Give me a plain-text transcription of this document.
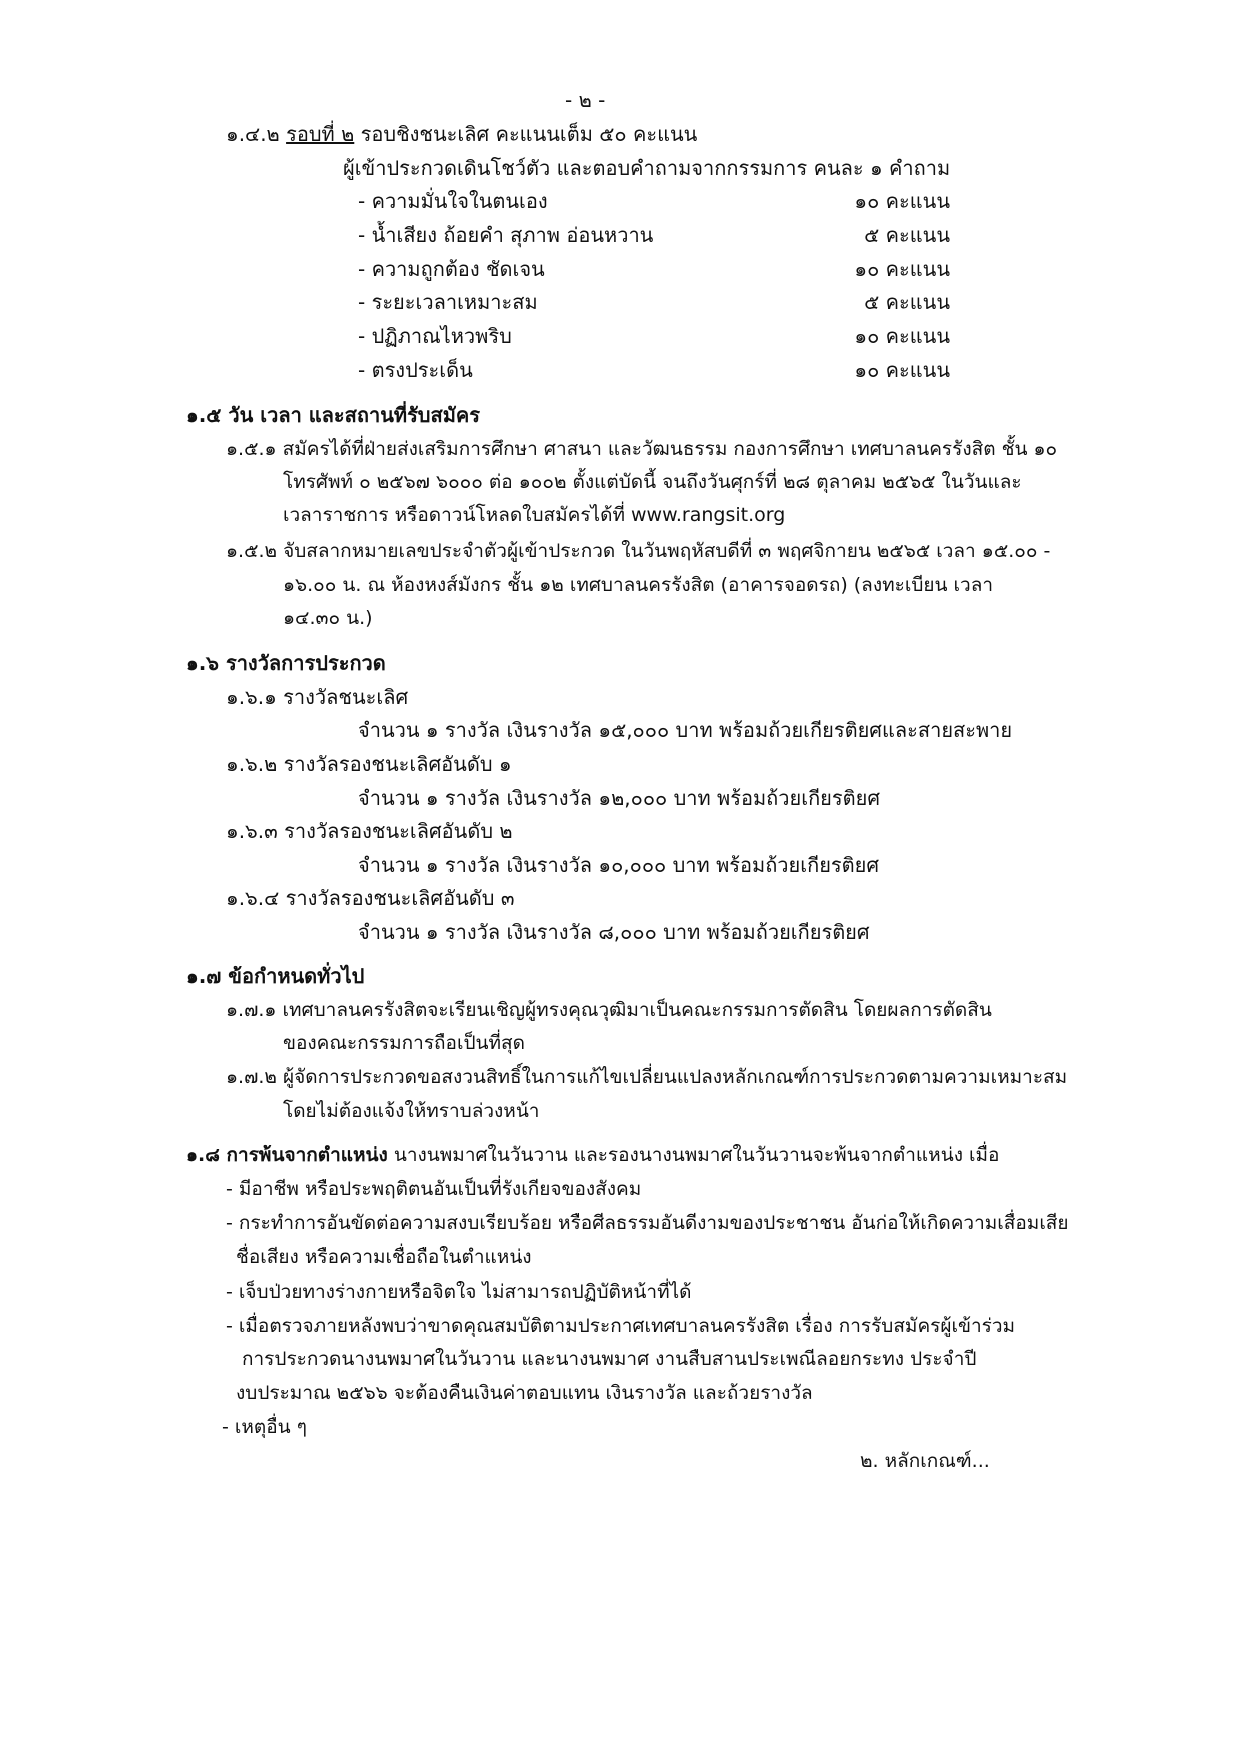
- ๒ -
๑.๔.๒ รอบที่ ๒ รอบชิงชนะเลิศ คะแนนเต็ม ๕๐ คะแนน
ผู้เข้าประกวดเดินโชว์ตัว และตอบคำถามจากกรรมการ คนละ ๑ คำถาม
- ความมั่นใจในตนเอง	๑๐ คะแนน
- น้ำเสียง ถ้อยคำ สุภาพ อ่อนหวาน	๕ คะแนน
- ความถูกต้อง ชัดเจน	๑๐ คะแนน
- ระยะเวลาเหมาะสม	๕ คะแนน
- ปฏิภาณไหวพริบ	๑๐ คะแนน
- ตรงประเด็น	๑๐ คะแนน
๑.๕ วัน เวลา และสถานที่รับสมัคร
๑.๕.๑ สมัครได้ที่ฝ่ายส่งเสริมการศึกษา ศาสนา และวัฒนธรรม กองการศึกษา เทศบาลนครรังสิต ชั้น ๑๐
โทรศัพท์ ๐ ๒๕๖๗ ๖๐๐๐ ต่อ ๑๐๐๒ ตั้งแต่บัดนี้ จนถึงวันศุกร์ที่ ๒๘ ตุลาคม ๒๕๖๕ ในวันและ
เวลาราชการ หรือดาวน์โหลดใบสมัครได้ที่ www.rangsit.org
๑.๕.๒ จับสลากหมายเลขประจำตัวผู้เข้าประกวด ในวันพฤหัสบดีที่ ๓ พฤศจิกายน ๒๕๖๕ เวลา ๑๕.๐๐ -
๑๖.๐๐ น. ณ ห้องหงส์มังกร ชั้น ๑๒ เทศบาลนครรังสิต (อาคารจอดรถ) (ลงทะเบียน เวลา
๑๔.๓๐ น.)
๑.๖ รางวัลการประกวด
๑.๖.๑ รางวัลชนะเลิศ
จำนวน ๑ รางวัล เงินรางวัล ๑๕,๐๐๐ บาท พร้อมถ้วยเกียรติยศและสายสะพาย
๑.๖.๒ รางวัลรองชนะเลิศอันดับ ๑
จำนวน ๑ รางวัล เงินรางวัล ๑๒,๐๐๐ บาท พร้อมถ้วยเกียรติยศ
๑.๖.๓ รางวัลรองชนะเลิศอันดับ ๒
จำนวน ๑ รางวัล เงินรางวัล ๑๐,๐๐๐ บาท พร้อมถ้วยเกียรติยศ
๑.๖.๔ รางวัลรองชนะเลิศอันดับ ๓
จำนวน ๑ รางวัล เงินรางวัล ๘,๐๐๐ บาท พร้อมถ้วยเกียรติยศ
๑.๗ ข้อกำหนดทั่วไป
๑.๗.๑ เทศบาลนครรังสิตจะเรียนเชิญผู้ทรงคุณวุฒิมาเป็นคณะกรรมการตัดสิน โดยผลการตัดสิน
ของคณะกรรมการถือเป็นที่สุด
๑.๗.๒ ผู้จัดการประกวดขอสงวนสิทธิ์ในการแก้ไขเปลี่ยนแปลงหลักเกณฑ์การประกวดตามความเหมาะสม
โดยไม่ต้องแจ้งให้ทราบล่วงหน้า
๑.๘ การพ้นจากตำแหน่ง นางนพมาศในวันวาน และรองนางนพมาศในวันวานจะพ้นจากตำแหน่ง เมื่อ
- มีอาชีพ หรือประพฤติตนอันเป็นที่รังเกียจของสังคม
- กระทำการอันขัดต่อความสงบเรียบร้อย หรือศีลธรรมอันดีงามของประชาชน อันก่อให้เกิดความเสื่อมเสีย
ชื่อเสียง หรือความเชื่อถือในตำแหน่ง
- เจ็บป่วยทางร่างกายหรือจิตใจ ไม่สามารถปฏิบัติหน้าที่ได้
- เมื่อตรวจภายหลังพบว่าขาดคุณสมบัติตามประกาศเทศบาลนครรังสิต เรื่อง การรับสมัครผู้เข้าร่วม
การประกวดนางนพมาศในวันวาน และนางนพมาศ งานสืบสานประเพณีลอยกระทง ประจำปี
งบประมาณ ๒๕๖๖ จะต้องคืนเงินค่าตอบแทน เงินรางวัล และถ้วยรางวัล
- เหตุอื่น ๆ
๒. หลักเกณฑ์...
